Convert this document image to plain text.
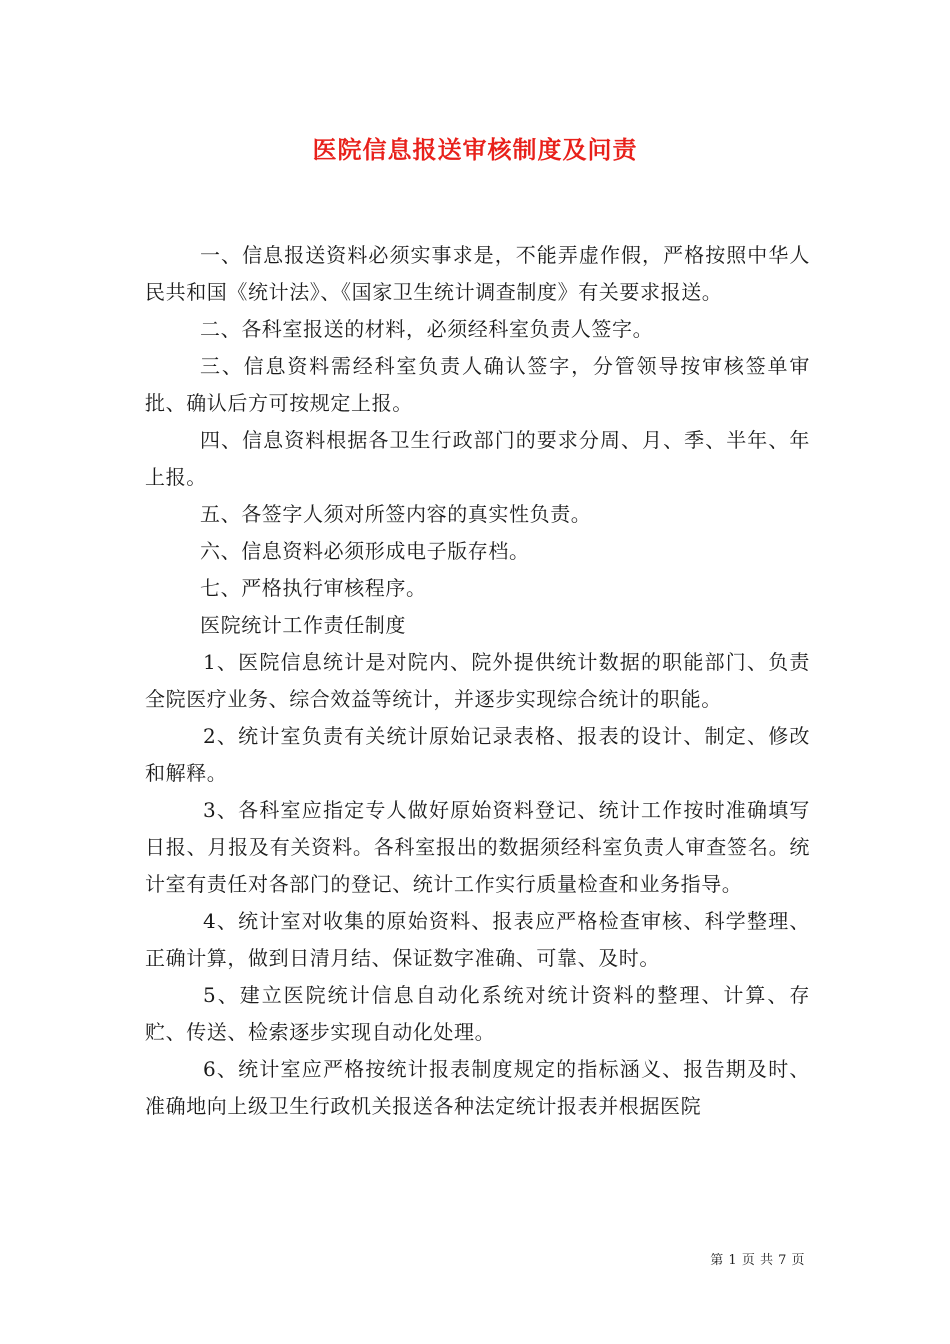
医院信息报送审核制度及问责

一、信息报送资料必须实事求是，不能弄虚作假，严格按照中华人民共和国《统计法》、《国家卫生统计调查制度》有关要求报送。

二、各科室报送的材料，必须经科室负责人签字。

三、信息资料需经科室负责人确认签字，分管领导按审核签单审批、确认后方可按规定上报。

四、信息资料根据各卫生行政部门的要求分周、月、季、半年、年上报。

五、各签字人须对所签内容的真实性负责。

六、信息资料必须形成电子版存档。

七、严格执行审核程序。

医院统计工作责任制度

1、医院信息统计是对院内、院外提供统计数据的职能部门、负责全院医疗业务、综合效益等统计，并逐步实现综合统计的职能。

2、统计室负责有关统计原始记录表格、报表的设计、制定、修改和解释。

3、各科室应指定专人做好原始资料登记、统计工作按时准确填写日报、月报及有关资料。各科室报出的数据须经科室负责人审查签名。统计室有责任对各部门的登记、统计工作实行质量检查和业务指导。

4、统计室对收集的原始资料、报表应严格检查审核、科学整理、正确计算，做到日清月结、保证数字准确、可靠、及时。

5、建立医院统计信息自动化系统对统计资料的整理、计算、存贮、传送、检索逐步实现自动化处理。

6、统计室应严格按统计报表制度规定的指标涵义、报告期及时、准确地向上级卫生行政机关报送各种法定统计报表并根据医院

第 1 页 共 7 页
